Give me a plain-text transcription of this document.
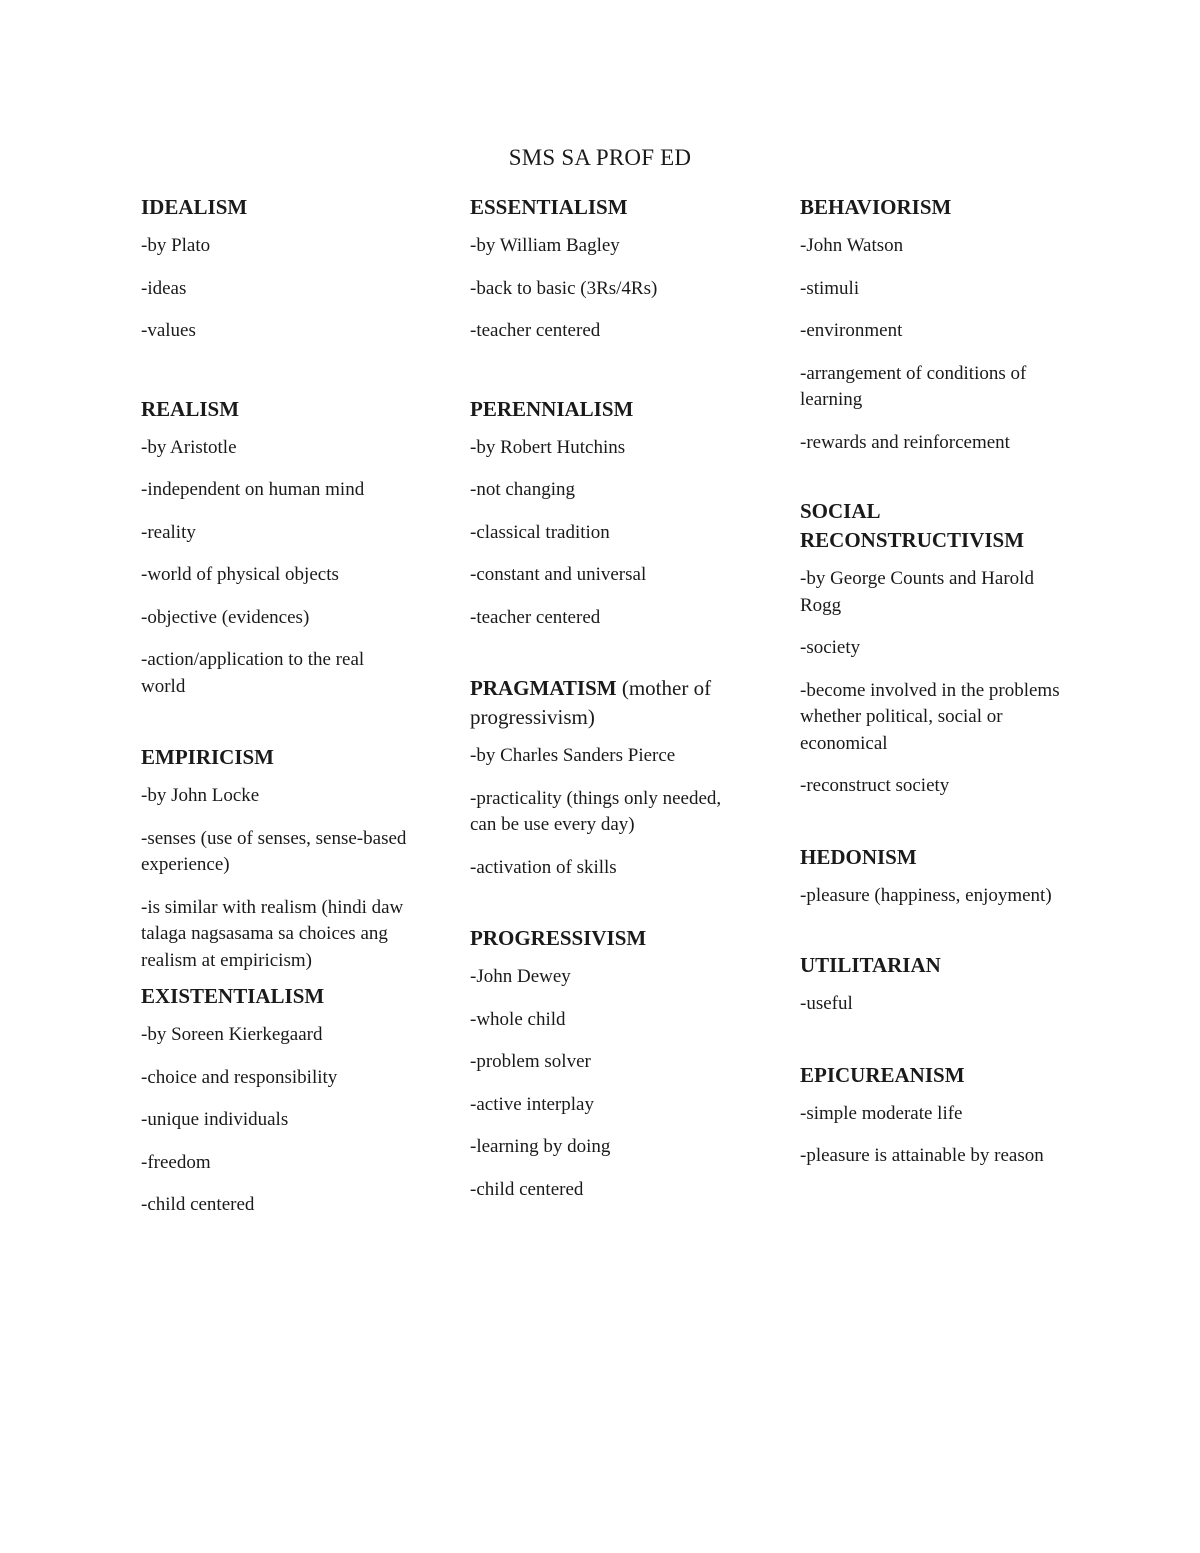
SMS SA PROF ED
IDEALISM
-by Plato
-ideas
-values
REALISM
-by Aristotle
-independent on human mind
-reality
-world of physical objects
-objective (evidences)
-action/application to the real world
EMPIRICISM
-by John Locke
-senses (use of senses, sense-based experience)
-is similar with realism (hindi daw talaga nagsasama sa choices ang realism at empiricism)
EXISTENTIALISM
-by Soreen Kierkegaard
-choice and responsibility
-unique individuals
-freedom
-child centered
ESSENTIALISM
-by William Bagley
-back to basic (3Rs/4Rs)
-teacher centered
PERENNIALISM
-by Robert Hutchins
-not changing
-classical tradition
-constant and universal
-teacher centered
PRAGMATISM (mother of progressivism)
-by Charles Sanders Pierce
-practicality (things only needed, can be use every day)
-activation of skills
PROGRESSIVISM
-John Dewey
-whole child
-problem solver
-active interplay
-learning by doing
-child centered
BEHAVIORISM
-John Watson
-stimuli
-environment
-arrangement of conditions of learning
-rewards and reinforcement
SOCIAL RECONSTRUCTIVISM
-by George Counts and Harold Rogg
-society
-become involved in the problems whether political, social or economical
-reconstruct society
HEDONISM
-pleasure (happiness, enjoyment)
UTILITARIAN
-useful
EPICUREANISM
-simple moderate life
-pleasure is attainable by reason
